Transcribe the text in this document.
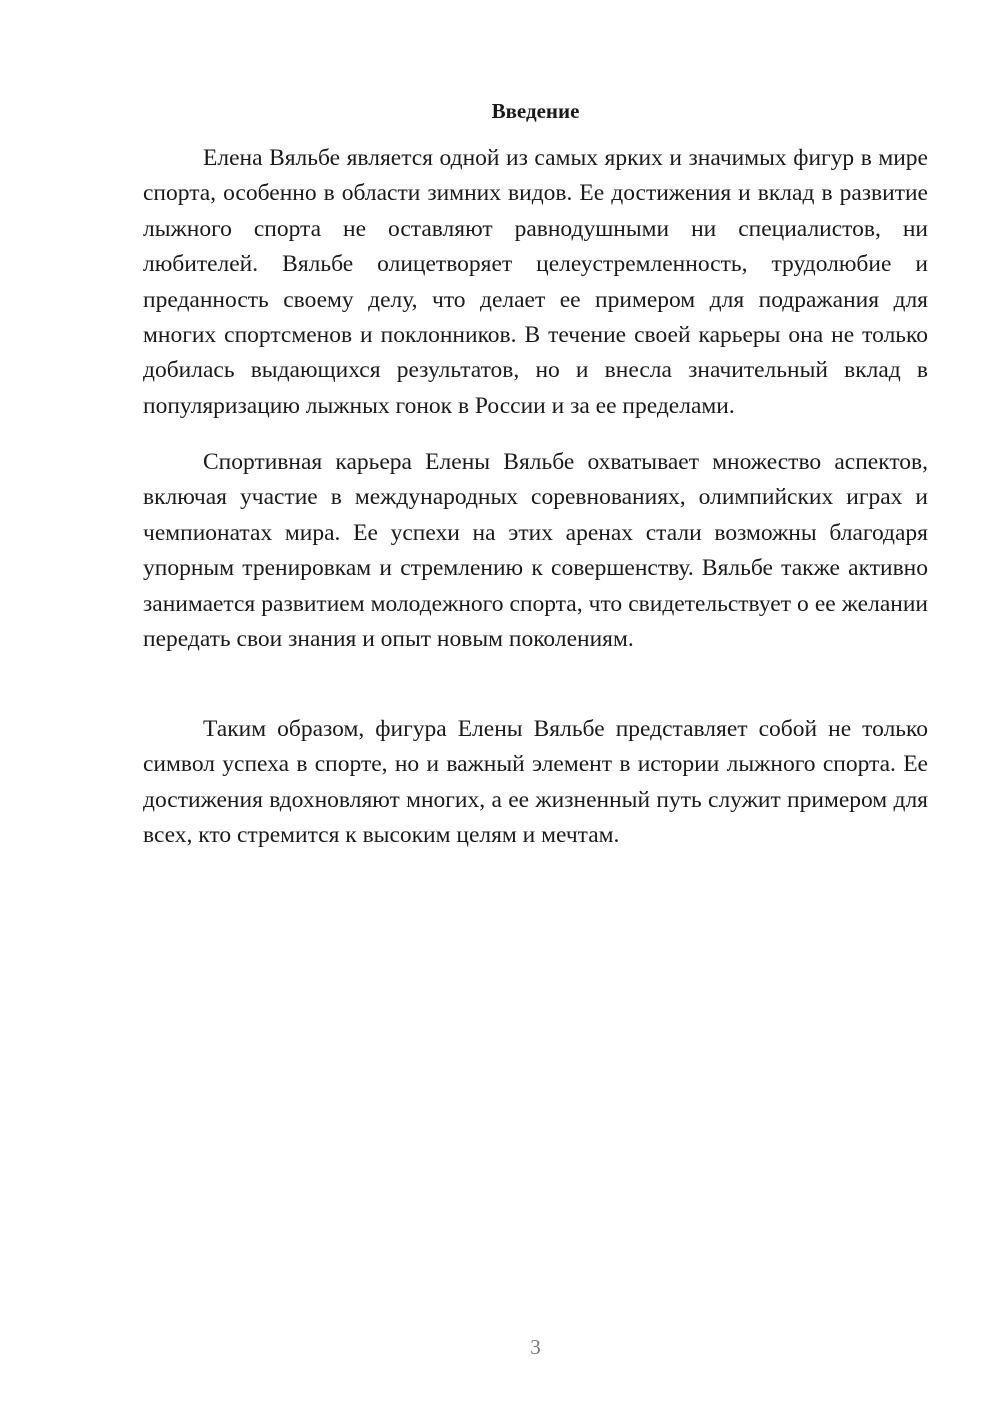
Введение

Елена Вяльбе является одной из самых ярких и значимых фигур в мире спорта, особенно в области зимних видов. Ее достижения и вклад в развитие лыжного спорта не оставляют равнодушными ни специалистов, ни любителей. Вяльбе олицетворяет целеустремленность, трудолюбие и преданность своему делу, что делает ее примером для подражания для многих спортсменов и поклонников. В течение своей карьеры она не только добилась выдающихся результатов, но и внесла значительный вклад в популяризацию лыжных гонок в России и за ее пределами.

Спортивная карьера Елены Вяльбе охватывает множество аспектов, включая участие в международных соревнованиях, олимпийских играх и чемпионатах мира. Ее успехи на этих аренах стали возможны благодаря упорным тренировкам и стремлению к совершенству. Вяльбе также активно занимается развитием молодежного спорта, что свидетельствует о ее желании передать свои знания и опыт новым поколениям.

Таким образом, фигура Елены Вяльбе представляет собой не только символ успеха в спорте, но и важный элемент в истории лыжного спорта. Ее достижения вдохновляют многих, а ее жизненный путь служит примером для всех, кто стремится к высоким целям и мечтам.

3
